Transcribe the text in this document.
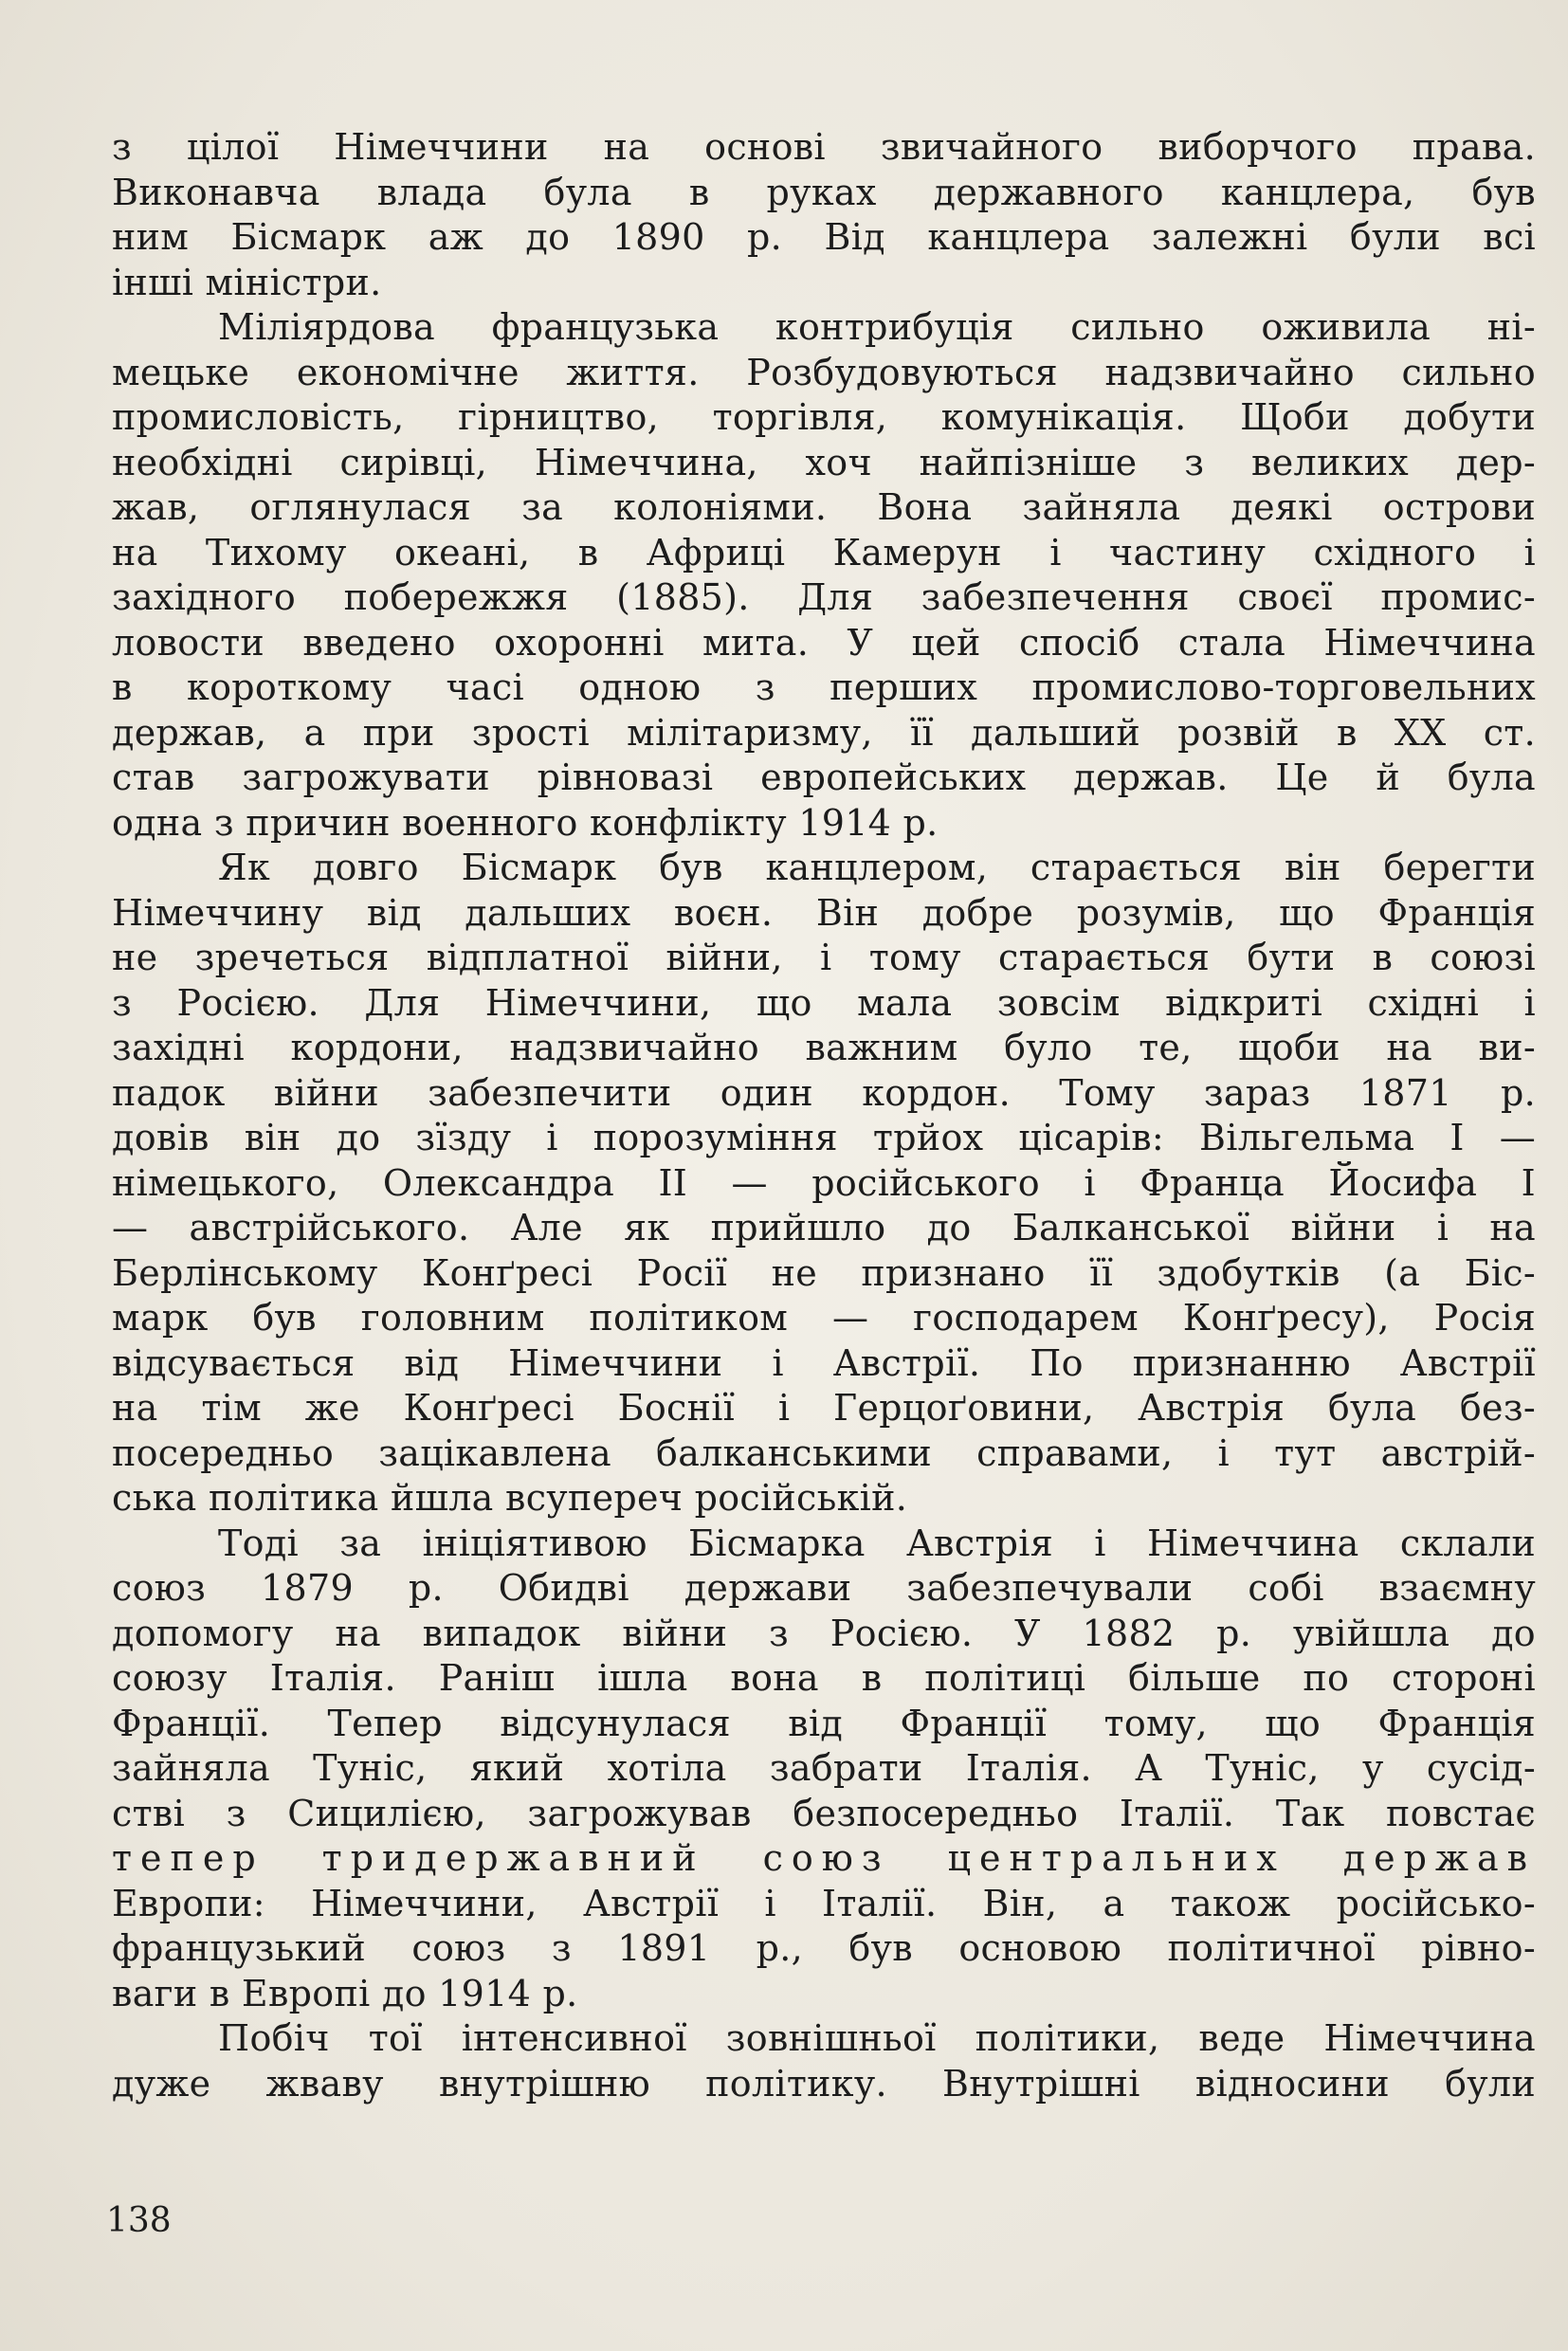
з цілої Німеччини на основі звичайного виборчого права.
Виконавча влада була в руках державного канцлера, був
ним Бісмарк аж до 1890 р. Від канцлера залежні були всі
інші міністри.
Міліярдова французька контрибуція сильно оживила ні-
мецьке економічне життя. Розбудовуються надзвичайно сильно
промисловість, гірництво, торгівля, комунікація. Щоби добути
необхідні сирівці, Німеччина, хоч найпізніше з великих дер-
жав, оглянулася за колоніями. Вона зайняла деякі острови
на Тихому океані, в Африці Камерун і частину східного і
західного побережжя (1885). Для забезпечення своєї промис-
ловости введено охоронні мита. У цей спосіб стала Німеччина
в короткому часі одною з перших промислово-торговельних
держав, а при зрості мілітаризму, її дальший розвій в XX ст.
став загрожувати рівновазі европейських держав. Це й була
одна з причин военного конфлікту 1914 р.
Як довго Бісмарк був канцлером, старається він берегти
Німеччину від дальших воєн. Він добре розумів, що Франція
не зречеться відплатної війни, і тому старається бути в союзі
з Росією. Для Німеччини, що мала зовсім відкриті східні і
західні кордони, надзвичайно важним було те, щоби на ви-
падок війни забезпечити один кордон. Тому зараз 1871 р.
довів він до зїзду і порозуміння трйох цісарів: Вільгельма I —
німецького, Олександра II — російського і Франца Йосифа I
— австрійського. Але як прийшло до Балканської війни і на
Берлінському Конґресі Росії не признано її здобутків (а Біс-
марк був головним політиком — господарем Конґресу), Росія
відсувається від Німеччини і Австрії. По признанню Австрії
на тім же Конґресі Боснії і Герцоґовини, Австрія була без-
посередньо зацікавлена балканськими справами, і тут австрій-
ська політика йшла всупереч російській.
Тоді за ініціятивою Бісмарка Австрія і Німеччина склали
союз 1879 р. Обидві держави забезпечували собі взаємну
допомогу на випадок війни з Росією. У 1882 р. увійшла до
союзу Італія. Раніш ішла вона в політиці більше по стороні
Франції. Тепер відсунулася від Франції тому, що Франція
зайняла Туніс, який хотіла забрати Італія. А Туніс, у сусід-
стві з Сицилією, загрожував безпосередньо Італії. Так повстає
тепер тридержавний союз центральних держав
Европи: Німеччини, Австрії і Італії. Він, а також російсько-
французький союз з 1891 р., був основою політичної рівно-
ваги в Европі до 1914 р.
Побіч тої інтенсивної зовнішньої політики, веде Німеччина
дуже жваву внутрішню політику. Внутрішні відносини були
138
